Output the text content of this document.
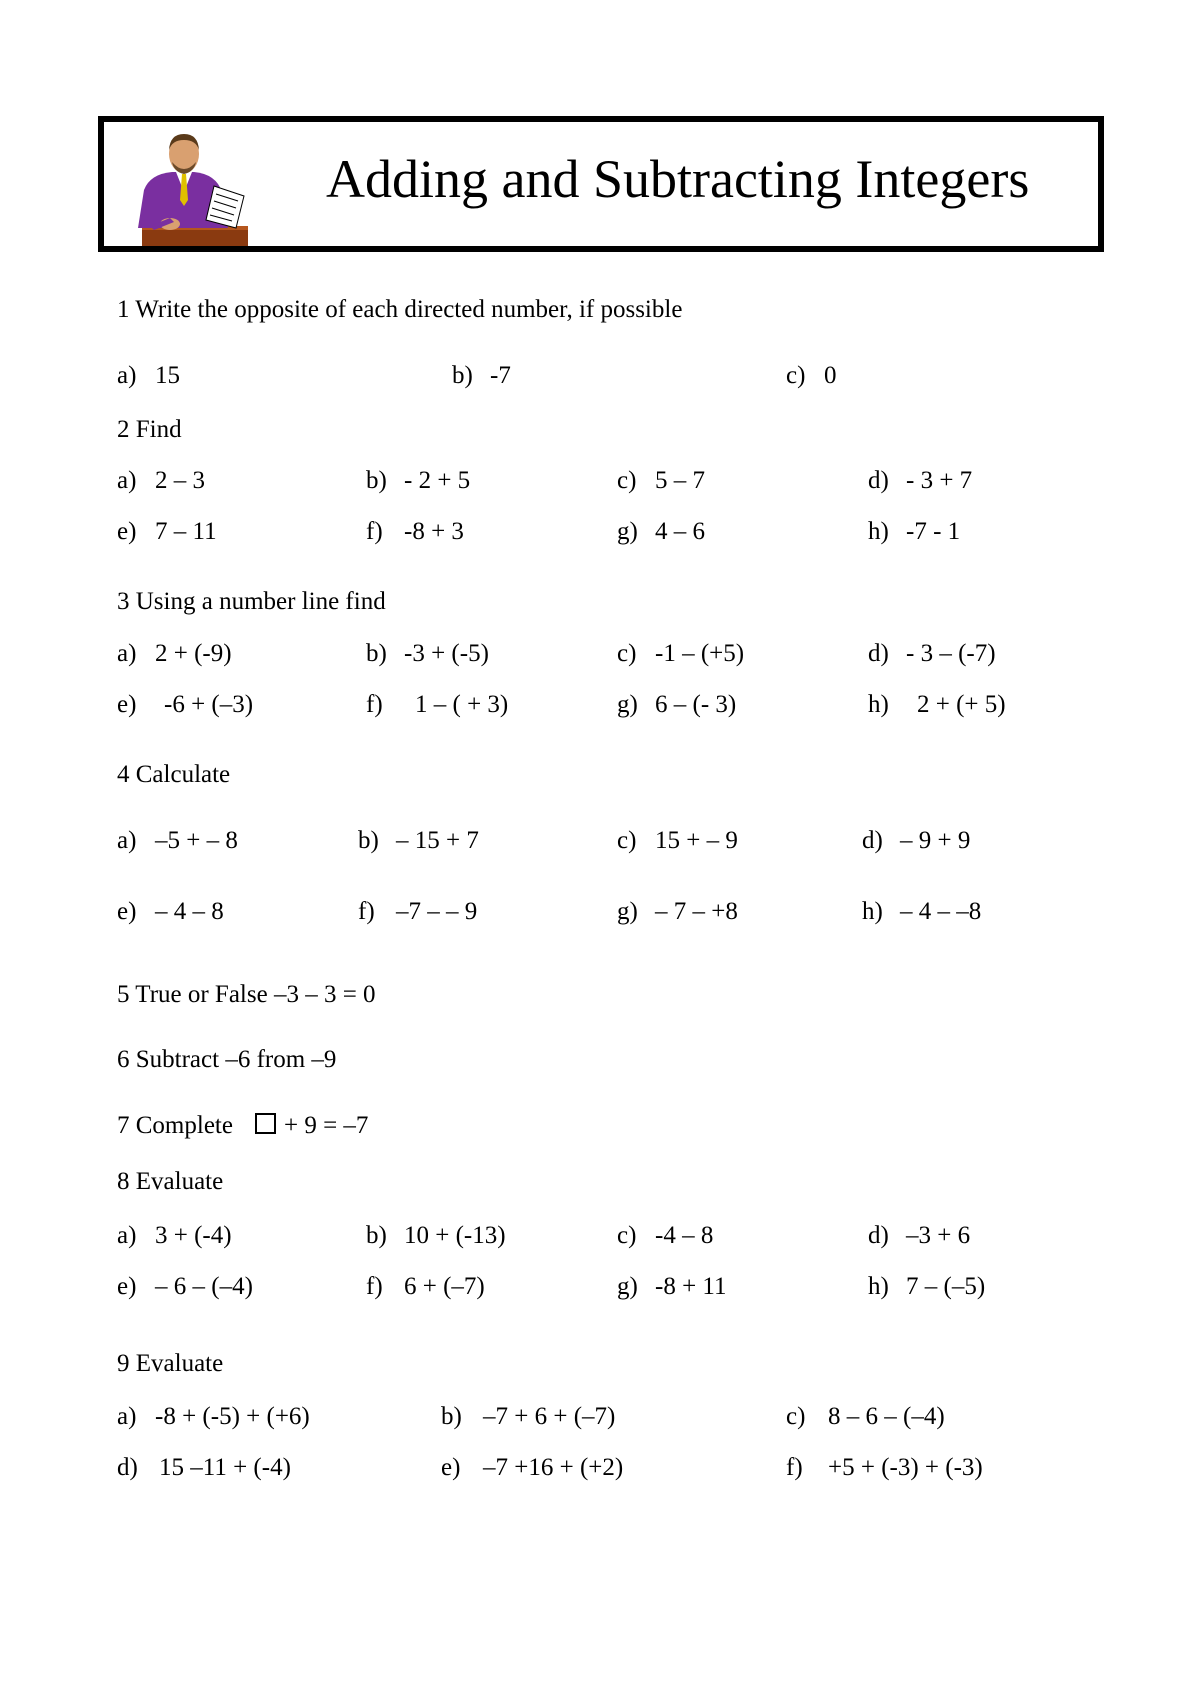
Adding and Subtracting Integers
1 Write the opposite of each directed number, if possible
a) 15	b) -7	c) 0
2 Find
a) 2 – 3	b) - 2 + 5	c) 5 – 7	d) - 3 + 7
e) 7 – 11	f) -8 + 3	g) 4 – 6	h) -7 - 1
3 Using a number line find
a) 2 + (-9)	b) -3 + (-5)	c) -1 – (+5)	d) - 3 – (-7)
e) -6 + (–3)	f) 1 – ( + 3)	g) 6 – (- 3)	h) 2 + (+ 5)
4 Calculate
a) –5 + – 8	b) – 15 + 7	c) 15 + – 9	d) – 9 + 9
e) – 4 – 8	f) –7 – – 9	g) – 7 – +8	h) – 4 – –8
5 True or False –3 – 3 = 0
6 Subtract –6 from –9
7 Complete + 9 = –7
8 Evaluate
a) 3 + (-4)	b) 10 + (-13)	c) -4 – 8	d) –3 + 6
e) – 6 – (–4)	f) 6 + (–7)	g) -8 + 11	h) 7 – (–5)
9 Evaluate
a) -8 + (-5) + (+6)	b) –7 + 6 + (–7)	c) 8 – 6 – (–4)
d) 15 –11 + (-4)	e) –7 +16 + (+2)	f) +5 + (-3) + (-3)
